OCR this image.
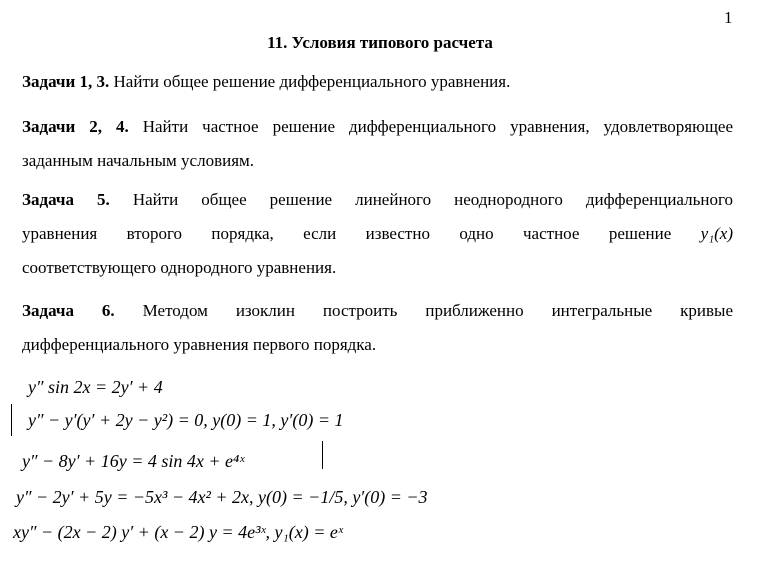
1
11. Условия типового расчета
Задачи 1, 3. Найти общее решение дифференциального уравнения.
Задачи 2, 4. Найти частное решение дифференциального уравнения, удовлетворяющее
заданным начальным условиям.
Задача 5. Найти общее решение линейного неоднородного дифференциального
уравнения второго порядка, если известно одно частное решение y₁(x)
соответствующего однородного уравнения.
Задача 6. Методом изоклин построить приближенно интегральные кривые
дифференциального уравнения первого порядка.
y″ sin 2x = 2y′ + 4
y″ − y′(y′ + 2y − y²) = 0, y(0) = 1, y′(0) = 1
y″ − 8y′ + 16y = 4 sin 4x + e⁴ˣ
y″ − 2y′ + 5y = −5x³ − 4x² + 2x, y(0) = −1/5, y′(0) = −3
xy″ − (2x − 2) y′ + (x − 2) y = 4e³ˣ, y₁(x) = eˣ
